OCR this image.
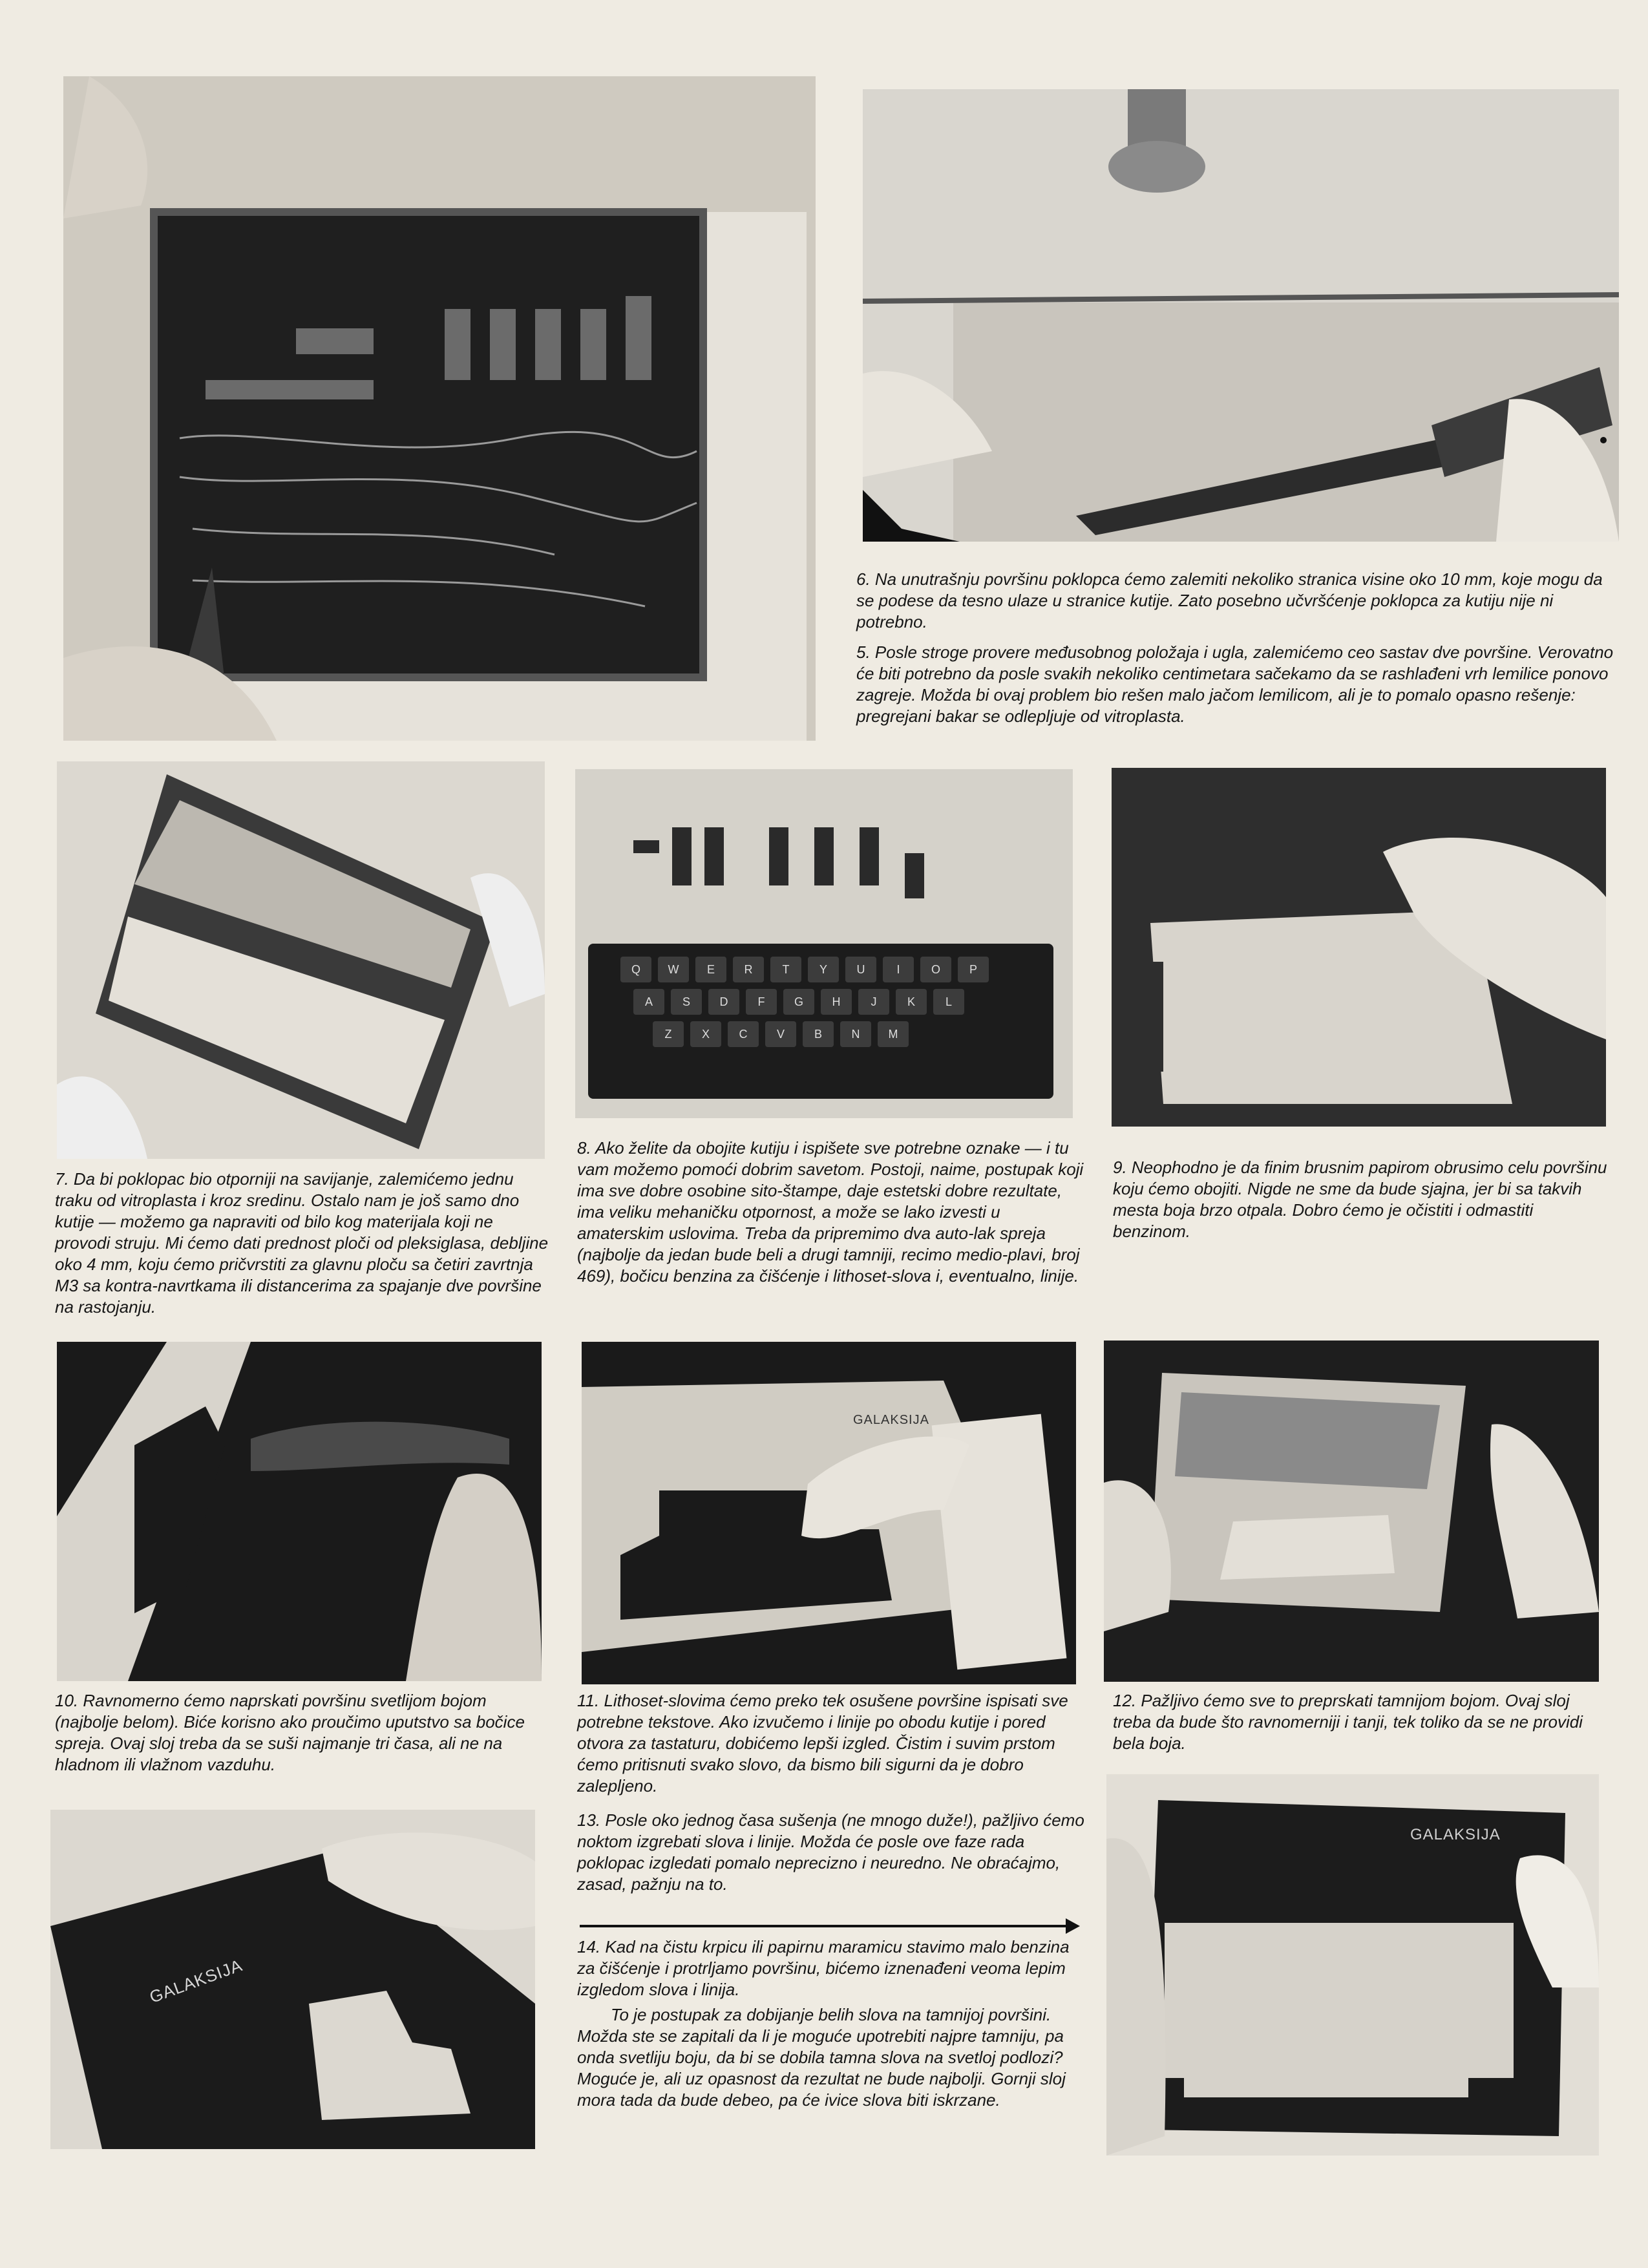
6. Na unutrašnju površinu poklopca ćemo zalemiti nekoliko stranica visine oko 10 mm, koje mogu da se podese da tesno ulaze u stranice kutije. Zato posebno učvršćenje poklopca za kutiju nije ni potrebno.
5. Posle stroge provere međusobnog položaja i ugla, zalemićemo ceo sastav dve površine. Verovatno će biti potrebno da posle svakih nekoliko centimetara sačekamo da se rashlađeni vrh lemilice ponovo zagreje. Možda bi ovaj problem bio rešen malo jačom lemilicom, ali je to pomalo opasno rešenje: pregrejani bakar se odlepljuje od vitroplasta.
Q	W	E	R	T	Y	U	I	O	P
A	S	D	F	G	H	J	K	L
Z	X	C	V	B	N	M
7. Da bi poklopac bio otporniji na savijanje, zalemićemo jednu traku od vitroplasta i kroz sredinu. Ostalo nam je još samo dno kutije — možemo ga napraviti od bilo kog materijala koji ne provodi struju. Mi ćemo dati prednost ploči od pleksiglasa, debljine oko 4 mm, koju ćemo pričvrstiti za glavnu ploču sa četiri zavrtnja M3 sa kontra-navrtkama ili distancerima za spajanje dve površine na rastojanju.
8. Ako želite da obojite kutiju i ispišete sve potrebne oznake — i tu vam možemo pomoći dobrim savetom. Postoji, naime, postupak koji ima sve dobre osobine sito-štampe, daje estetski dobre rezultate, ima veliku mehaničku otpornost, a može se lako izvesti u amaterskim uslovima. Treba da pripremimo dva auto-lak spreja (najbolje da jedan bude beli a drugi tamniji, recimo medio-plavi, broj 469), bočicu benzina za čišćenje i lithoset-slova i, eventualno, linije.
9. Neophodno je da finim brusnim papirom obrusimo celu površinu koju ćemo obojiti. Nigde ne sme da bude sjajna, jer bi sa takvih mesta boja brzo otpala. Dobro ćemo je očistiti i odmastiti benzinom.
GALAKSIJA
10. Ravnomerno ćemo naprskati površinu svetlijom bojom (najbolje belom). Biće korisno ako proučimo uputstvo sa bočice spreja. Ovaj sloj treba da se suši najmanje tri časa, ali ne na hladnom ili vlažnom vazduhu.
11. Lithoset-slovima ćemo preko tek osušene površine ispisati sve potrebne tekstove. Ako izvučemo i linije po obodu kutije i pored otvora za tastaturu, dobićemo lepši izgled. Čistim i suvim prstom ćemo pritisnuti svako slovo, da bismo bili sigurni da je dobro zalepljeno.
13. Posle oko jednog časa sušenja (ne mnogo duže!), pažljivo ćemo noktom izgrebati slova i linije. Možda će posle ove faze rada poklopac izgledati pomalo neprecizno i neuredno. Ne obraćajmo, zasad, pažnju na to.
12. Pažljivo ćemo sve to preprskati tamnijom bojom. Ovaj sloj treba da bude što ravnomerniji i tanji, tek toliko da se ne providi bela boja.
GALAKSIJA

14. Kad na čistu krpicu ili papirnu maramicu stavimo malo benzina za čišćenje i protrljamo površinu, bićemo iznenađeni veoma lepim izgledom slova i linija.

To je postupak za dobijanje belih slova na tamnijoj površini. Možda ste se zapitali da li je moguće upotrebiti najpre tamniju, pa onda svetliju boju, da bi se dobila tamna slova na svetloj podlozi? Moguće je, ali uz opasnost da rezultat ne bude najbolji. Gornji sloj mora tada da bude debeo, pa će ivice slova biti iskrzane.

GALAKSIJA
